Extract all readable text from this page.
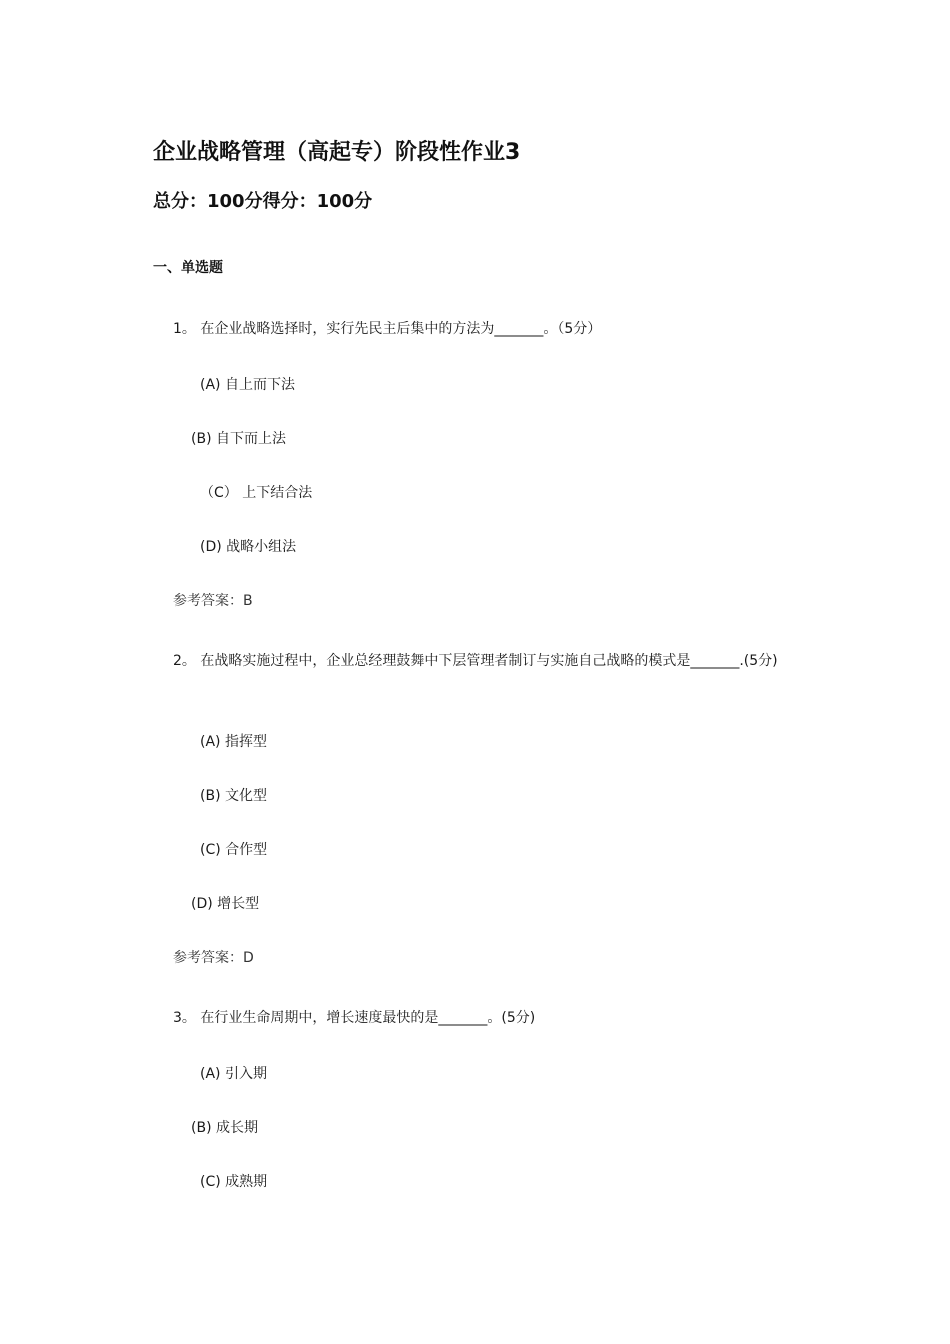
企业战略管理（高起专）阶段性作业3
总分：100分得分：100分
一、单选题
1。 在企业战略选择时，实行先民主后集中的方法为_______。（5分）
(A) 自上而下法
(B) 自下而上法
（C） 上下结合法
(D) 战略小组法
参考答案：B
2。 在战略实施过程中，企业总经理鼓舞中下层管理者制订与实施自己战略的模式是_______.(5分)
(A) 指挥型
(B) 文化型
(C) 合作型
(D) 增长型
参考答案：D
3。 在行业生命周期中，增长速度最快的是_______。(5分)
(A) 引入期
(B) 成长期
(C) 成熟期
